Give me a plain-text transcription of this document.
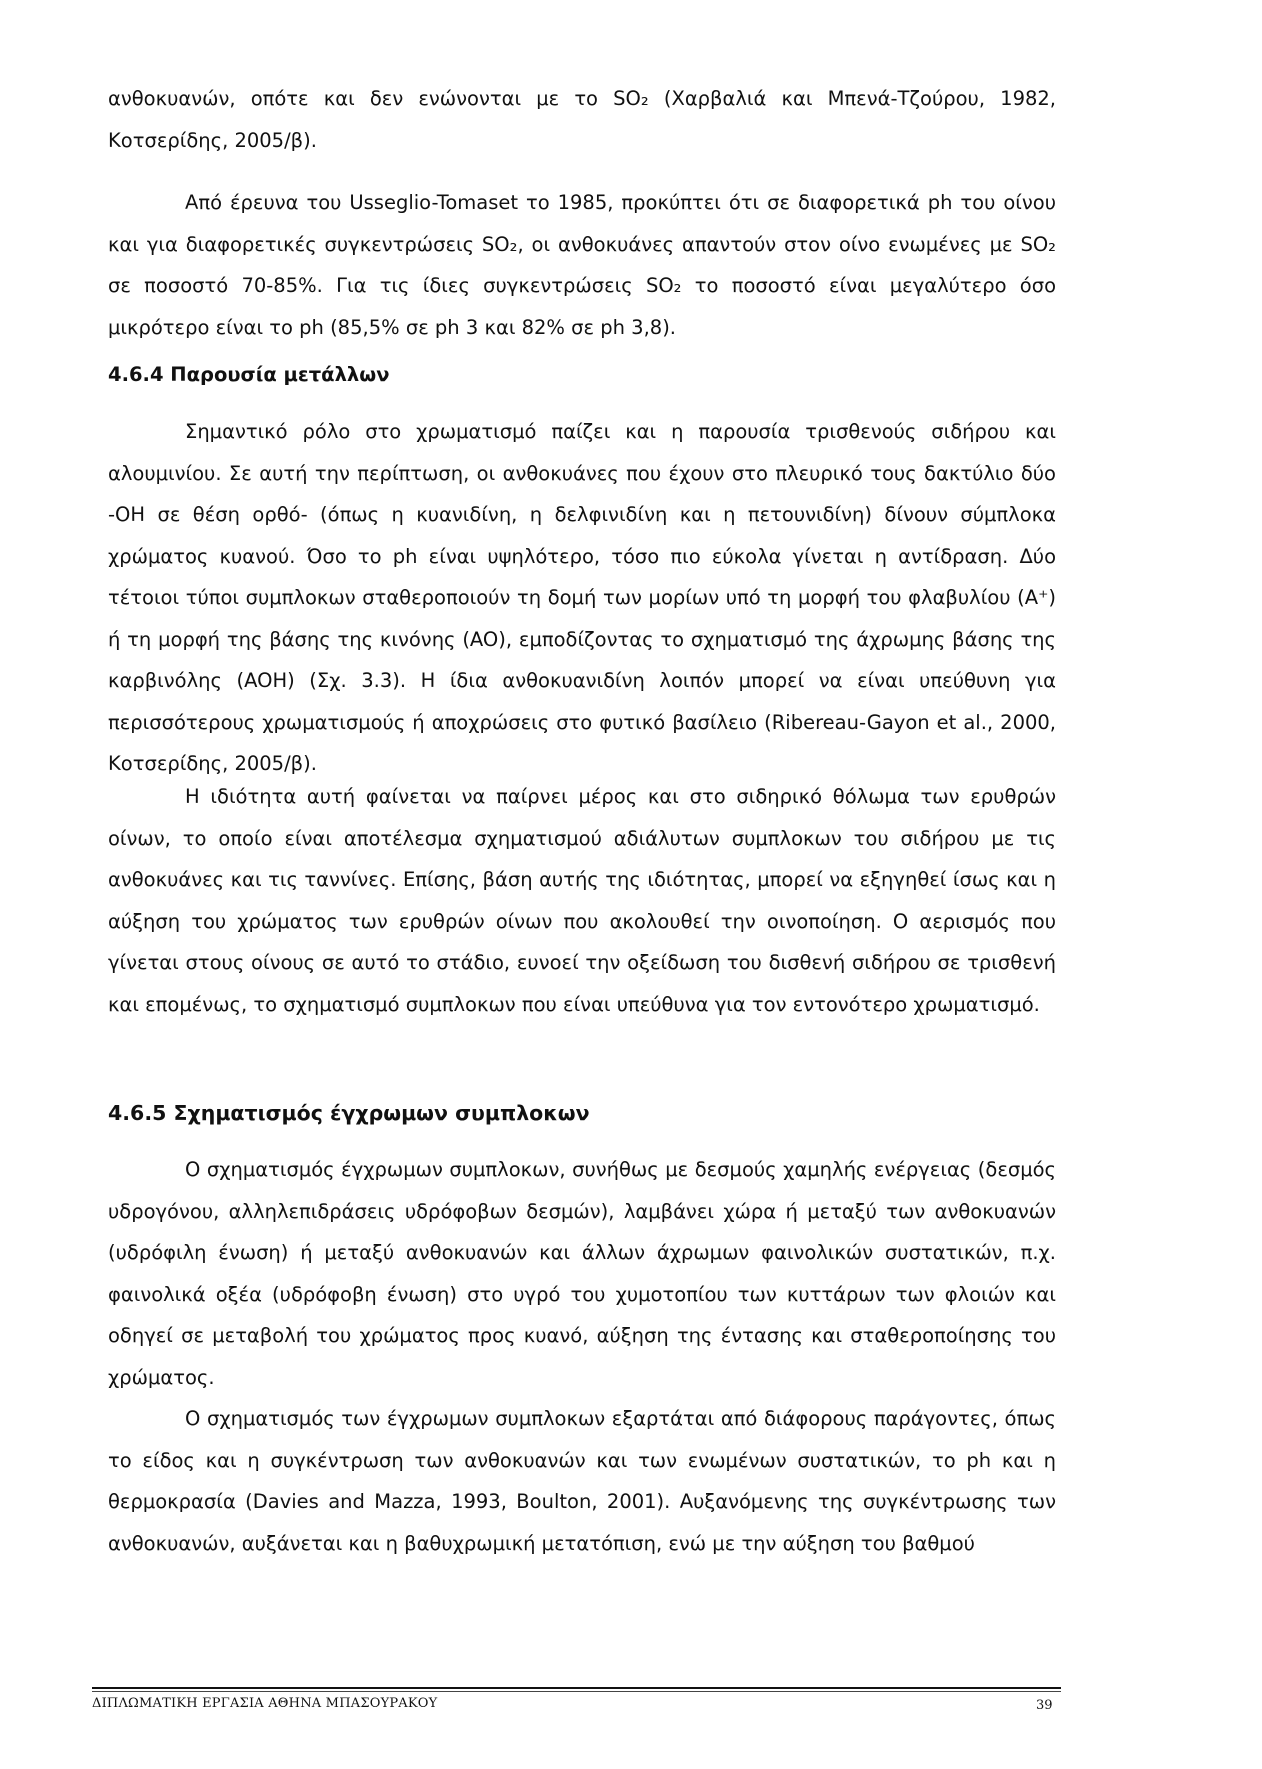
ανθοκυανών, οπότε και δεν ενώνονται με το SO₂ (Χαρβαλιά και Μπενά-Τζούρου, 1982, Κοτσερίδης, 2005/β).

Από έρευνα του Usseglio-Tomaset το 1985, προκύπτει ότι σε διαφορετικά ph του οίνου και για διαφορετικές συγκεντρώσεις SO₂, οι ανθοκυάνες απαντούν στον οίνο ενωμένες με SO₂ σε ποσοστό 70-85%. Για τις ίδιες συγκεντρώσεις SO₂ το ποσοστό είναι μεγαλύτερο όσο μικρότερο είναι το ph (85,5% σε ph 3 και 82% σε ph 3,8).

4.6.4 Παρουσία μετάλλων

Σημαντικό ρόλο στο χρωματισμό παίζει και η παρουσία τρισθενούς σιδήρου και αλουμινίου. Σε αυτή την περίπτωση, οι ανθοκυάνες που έχουν στο πλευρικό τους δακτύλιο δύο -ΟΗ σε θέση ορθό- (όπως η κυανιδίνη, η δελφινιδίνη και η πετουνιδίνη) δίνουν σύμπλοκα χρώματος κυανού. Όσο το ph είναι υψηλότερο, τόσο πιο εύκολα γίνεται η αντίδραση. Δύο τέτοιοι τύποι συμπλοκων σταθεροποιούν τη δομή των μορίων υπό τη μορφή του φλαβυλίου (A⁺) ή τη μορφή της βάσης της κινόνης (AO), εμποδίζοντας το σχηματισμό της άχρωμης βάσης της καρβινόλης (AOH) (Σχ. 3.3). Η ίδια ανθοκυανιδίνη λοιπόν μπορεί να είναι υπεύθυνη για περισσότερους χρωματισμούς ή αποχρώσεις στο φυτικό βασίλειο (Ribereau-Gayon et al., 2000, Κοτσερίδης, 2005/β).

Η ιδιότητα αυτή φαίνεται να παίρνει μέρος και στο σιδηρικό θόλωμα των ερυθρών οίνων, το οποίο είναι αποτέλεσμα σχηματισμού αδιάλυτων συμπλοκων του σιδήρου με τις ανθοκυάνες και τις ταννίνες. Επίσης, βάση αυτής της ιδιότητας, μπορεί να εξηγηθεί ίσως και η αύξηση του χρώματος των ερυθρών οίνων που ακολουθεί την οινοποίηση. Ο αερισμός που γίνεται στους οίνους σε αυτό το στάδιο, ευνοεί την οξείδωση του δισθενή σιδήρου σε τρισθενή και επομένως, το σχηματισμό συμπλοκων που είναι υπεύθυνα για τον εντονότερο χρωματισμό.

4.6.5 Σχηματισμός έγχρωμων συμπλοκων

Ο σχηματισμός έγχρωμων συμπλοκων, συνήθως με δεσμούς χαμηλής ενέργειας (δεσμός υδρογόνου, αλληλεπιδράσεις υδρόφοβων δεσμών), λαμβάνει χώρα ή μεταξύ των ανθοκυανών (υδρόφιλη ένωση) ή μεταξύ ανθοκυανών και άλλων άχρωμων φαινολικών συστατικών, π.χ. φαινολικά οξέα (υδρόφοβη ένωση) στο υγρό του χυμοτοπίου των κυττάρων των φλοιών και οδηγεί σε μεταβολή του χρώματος προς κυανό, αύξηση της έντασης και σταθεροποίησης του χρώματος.

Ο σχηματισμός των έγχρωμων συμπλοκων εξαρτάται από διάφορους παράγοντες, όπως το είδος και η συγκέντρωση των ανθοκυανών και των ενωμένων συστατικών, το ph και η θερμοκρασία (Davies and Mazza, 1993, Boulton, 2001). Αυξανόμενης της συγκέντρωσης των ανθοκυανών, αυξάνεται και η βαθυχρωμική μετατόπιση, ενώ με την αύξηση του βαθμού

ΔΙΠΛΩΜΑΤΙΚΗ ΕΡΓΑΣΙΑ ΑΘΗΝΑ ΜΠΑΣΟΥΡΑΚΟΥ	39
